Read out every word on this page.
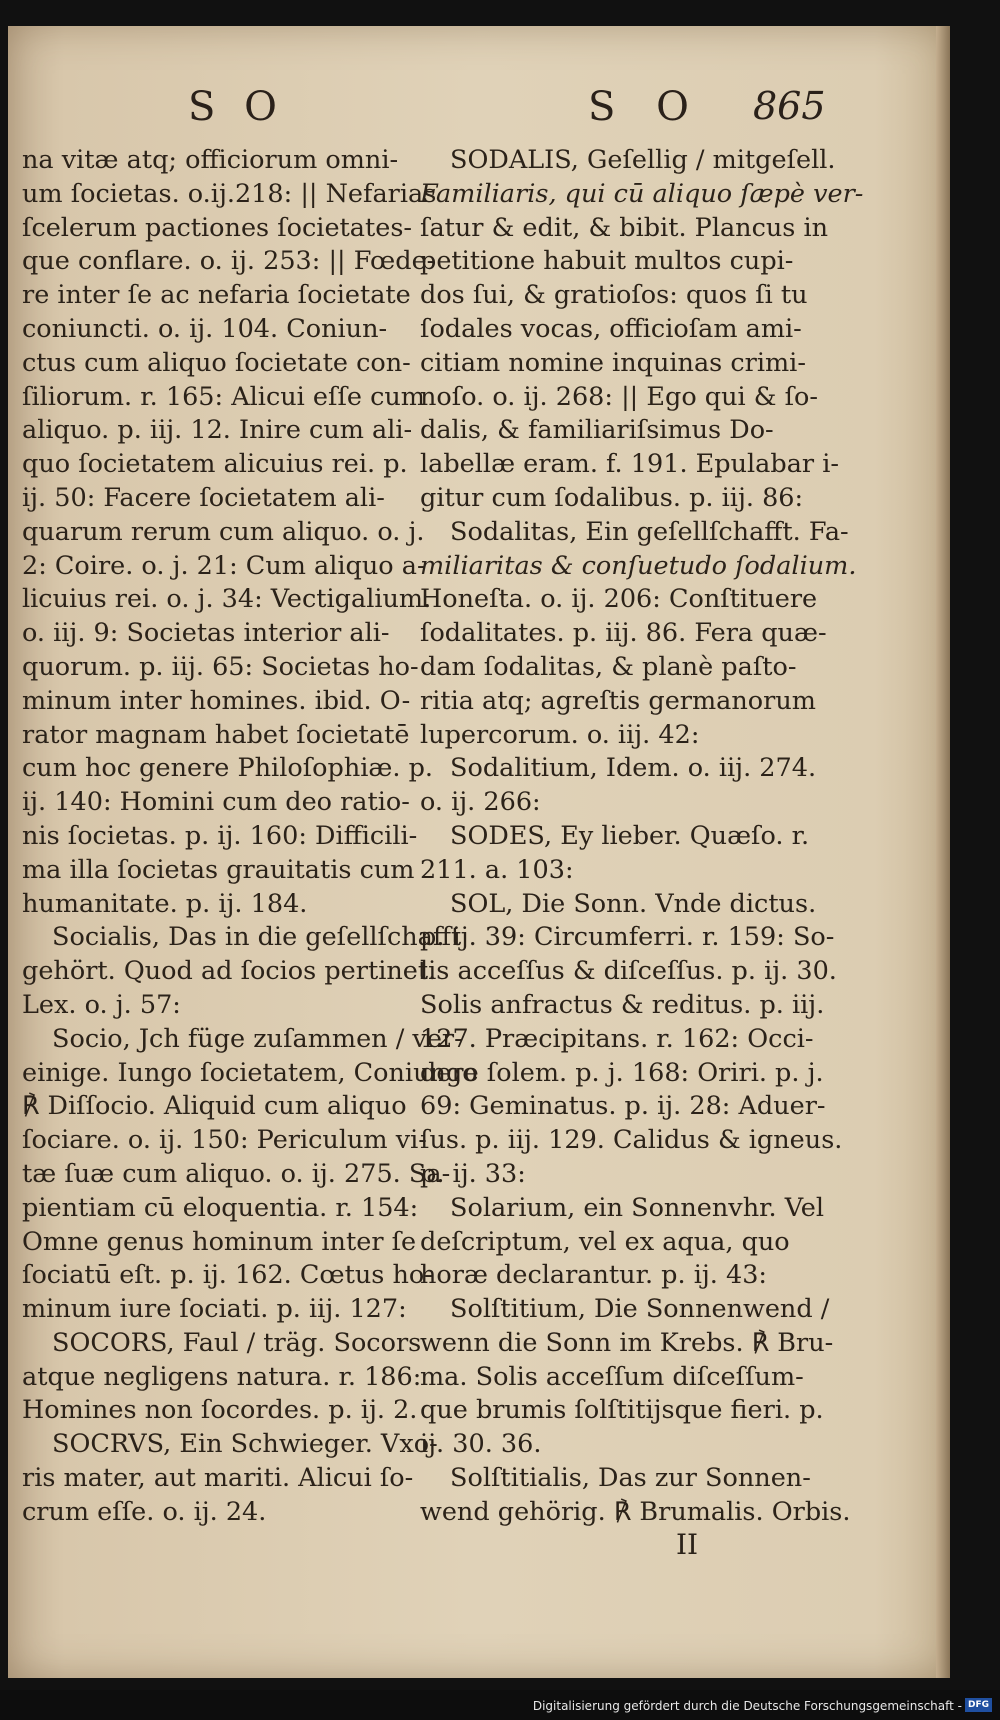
S O	S O 865
na vitæ atq; officiorum omni-
um ſocietas. o.ij.218: || Nefarias
ſcelerum pactiones ſocietates-
que conflare. o. ij. 253: || Fœde-
re inter ſe ac nefaria ſocietate
coniuncti. o. ij. 104. Coniun-
ctus cum aliquo ſocietate con-
ſiliorum. r. 165: Alicui eſſe cum
aliquo. p. iij. 12. Inire cum ali-
quo ſocietatem alicuius rei. p.
ij. 50: Facere ſocietatem ali-
quarum rerum cum aliquo. o. j.
2: Coire. o. j. 21: Cum aliquo a-
licuius rei. o. j. 34: Vectigalium.
o. iij. 9: Societas interior ali-
quorum. p. iij. 65: Societas ho-
minum inter homines. ibid. O-
rator magnam habet ſocietatē
cum hoc genere Philoſophiæ. p.
ij. 140: Homini cum deo ratio-
nis ſocietas. p. ij. 160: Difficili-
ma illa ſocietas grauitatis cum
humanitate. p. ij. 184.
Socialis, Das in die geſellſchafft
gehört. Quod ad ſocios pertinet.
Lex. o. j. 57:
Socio, Jch füge zuſammen / ver-
einige. Iungo ſocietatem, Coniungo
℟ Diſſocio. Aliquid cum aliquo
ſociare. o. ij. 150: Periculum vi-
tæ ſuæ cum aliquo. o. ij. 275. Sa-
pientiam cū eloquentia. r. 154:
Omne genus hominum inter ſe
ſociatū eſt. p. ij. 162. Cœtus ho-
minum iure ſociati. p. iij. 127:
SOCORS, Faul / träg. Socors
atque negligens natura. r. 186:
Homines non ſocordes. p. ij. 2.
SOCRVS, Ein Schwieger. Vxo-
ris mater, aut mariti. Alicui ſo-
crum eſſe. o. ij. 24.
SODALIS, Geſellig / mitgeſell.
Familiaris, qui cū aliquo ſæpè ver-
ſatur & edit, & bibit. Plancus in
petitione habuit multos cupi-
dos ſui, & gratioſos: quos ſi tu
ſodales vocas, officioſam ami-
citiam nomine inquinas crimi-
noſo. o. ij. 268: || Ego qui & ſo-
dalis, & familiariſsimus Do-
labellæ eram. f. 191. Epulabar i-
gitur cum ſodalibus. p. iij. 86:
Sodalitas, Ein geſellſchafft. Fa-
miliaritas & conſuetudo ſodalium.
Honeſta. o. ij. 206: Conſtituere
ſodalitates. p. iij. 86. Fera quæ-
dam ſodalitas, & planè paſto-
ritia atq; agreſtis germanorum
lupercorum. o. iij. 42:
Sodalitium, Idem. o. iij. 274.
o. ij. 266:
SODES, Ey lieber. Quæſo. r.
211. a. 103:
SOL, Die Sonn. Vnde dictus.
p. ij. 39: Circumferri. r. 159: So-
lis acceſſus & diſceſſus. p. ij. 30.
Solis anfractus & reditus. p. iij.
127. Præcipitans. r. 162: Occi-
dere ſolem. p. j. 168: Oriri. p. j.
69: Geminatus. p. ij. 28: Aduer-
ſus. p. iij. 129. Calidus & igneus.
p. ij. 33:
Solarium, ein Sonnenvhr. Vel
deſcriptum, vel ex aqua, quo
horæ declarantur. p. ij. 43:
Solſtitium, Die Sonnenwend /
wenn die Sonn im Krebs. ℟ Bru-
ma. Solis acceſſum diſceſſum-
que brumis ſolſtitijsque fieri. p.
ij. 30. 36.
Solſtitialis, Das zur Sonnen-
wend gehörig. ℟ Brumalis. Orbis.
II
Digitalisierung gefördert durch die Deutsche Forschungsgemeinschaft - DFG
